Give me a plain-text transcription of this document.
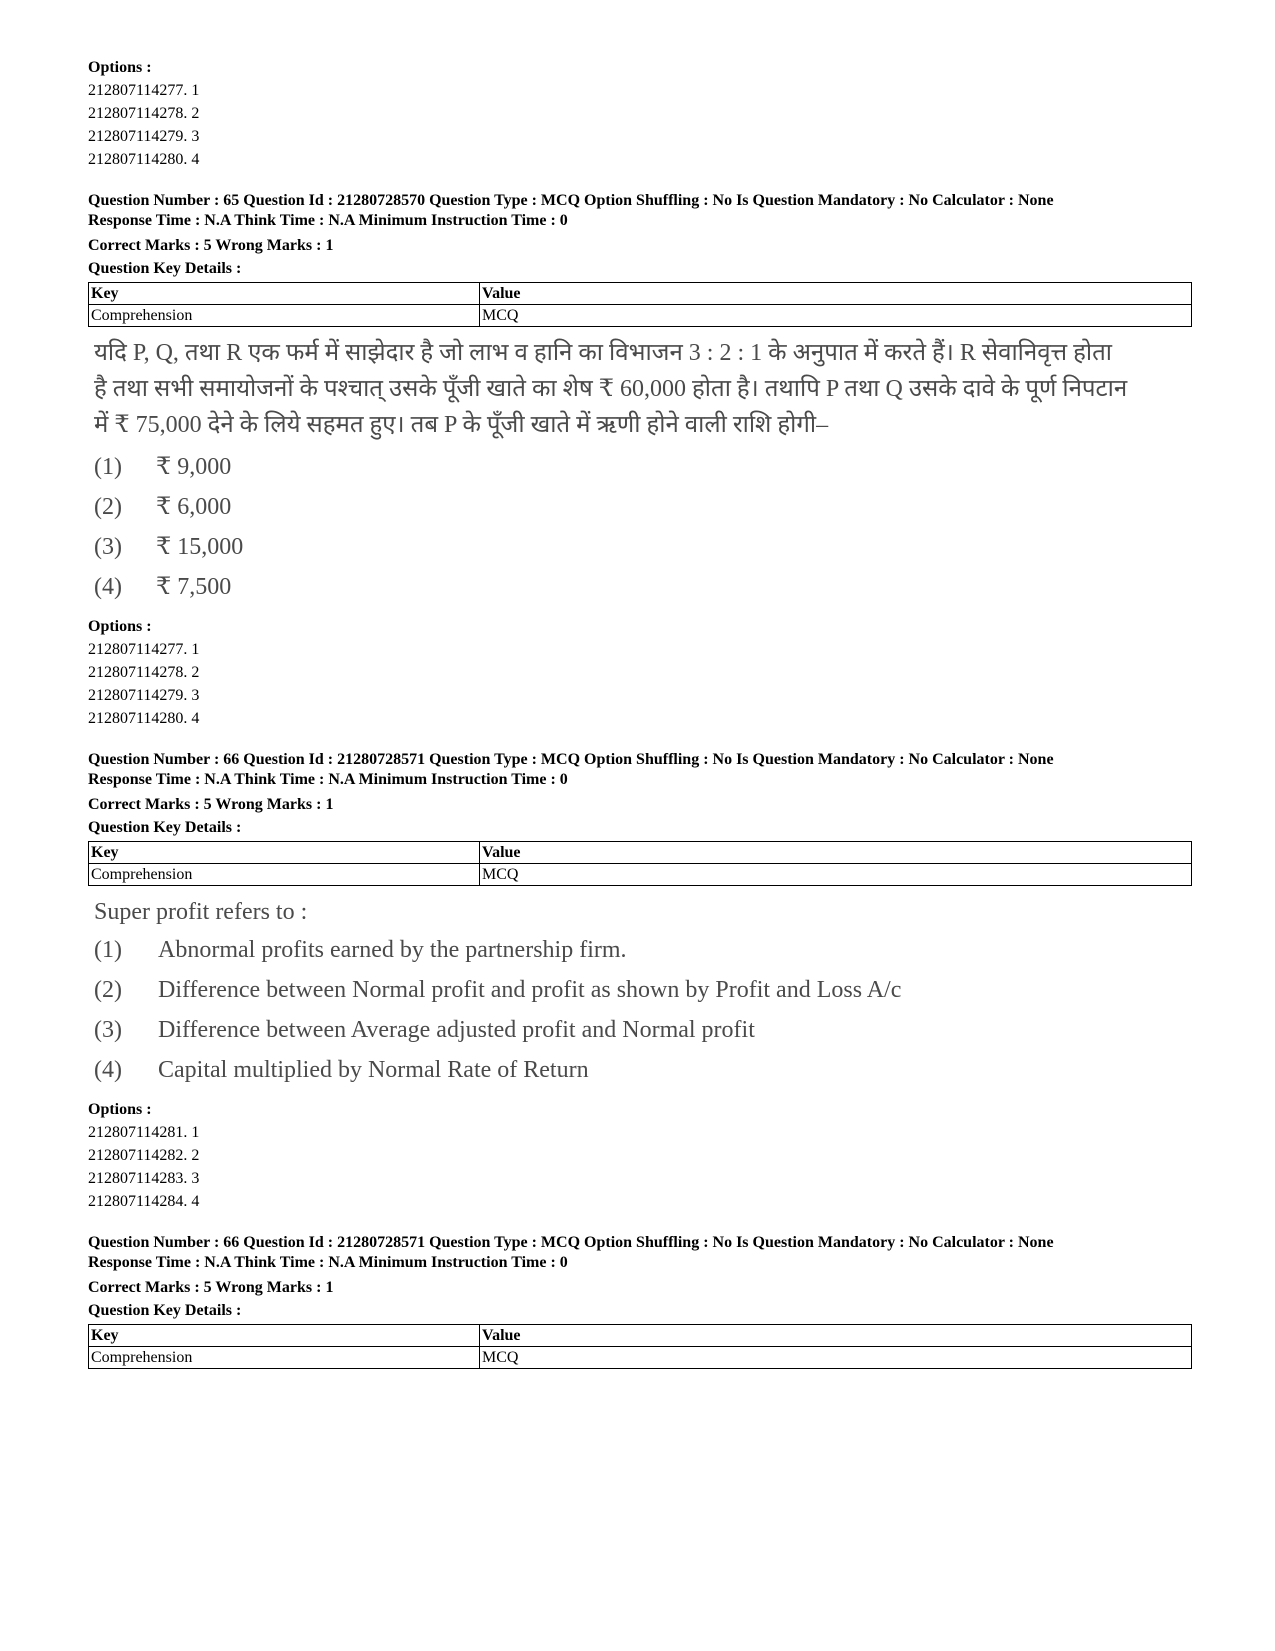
Options :
212807114277. 1
212807114278. 2
212807114279. 3
212807114280. 4
Question Number : 65 Question Id : 21280728570 Question Type : MCQ Option Shuffling : No Is Question Mandatory : No Calculator : None
Response Time : N.A Think Time : N.A Minimum Instruction Time : 0
Correct Marks : 5 Wrong Marks : 1
Question Key Details :
Key	Value
Comprehension	MCQ
यदि P, Q, तथा R एक फर्म में साझेदार है जो लाभ व हानि का विभाजन 3 : 2 : 1 के अनुपात में करते हैं। R सेवानिवृत्त होता
है तथा सभी समायोजनों के पश्चात् उसके पूँजी खाते का शेष ₹ 60,000 होता है। तथापि P तथा Q उसके दावे के पूर्ण निपटान
में ₹ 75,000 देने के लिये सहमत हुए। तब P के पूँजी खाते में ऋणी होने वाली राशि होगी–
(1)	₹ 9,000
(2)	₹ 6,000
(3)	₹ 15,000
(4)	₹ 7,500
Options :
212807114277. 1
212807114278. 2
212807114279. 3
212807114280. 4
Question Number : 66 Question Id : 21280728571 Question Type : MCQ Option Shuffling : No Is Question Mandatory : No Calculator : None
Response Time : N.A Think Time : N.A Minimum Instruction Time : 0
Correct Marks : 5 Wrong Marks : 1
Question Key Details :
Key	Value
Comprehension	MCQ
Super profit refers to :
(1)	Abnormal profits earned by the partnership firm.
(2)	Difference between Normal profit and profit as shown by Profit and Loss A/c
(3)	Difference between Average adjusted profit and Normal profit
(4)	Capital multiplied by Normal Rate of Return
Options :
212807114281. 1
212807114282. 2
212807114283. 3
212807114284. 4
Question Number : 66 Question Id : 21280728571 Question Type : MCQ Option Shuffling : No Is Question Mandatory : No Calculator : None
Response Time : N.A Think Time : N.A Minimum Instruction Time : 0
Correct Marks : 5 Wrong Marks : 1
Question Key Details :
Key	Value
Comprehension	MCQ
